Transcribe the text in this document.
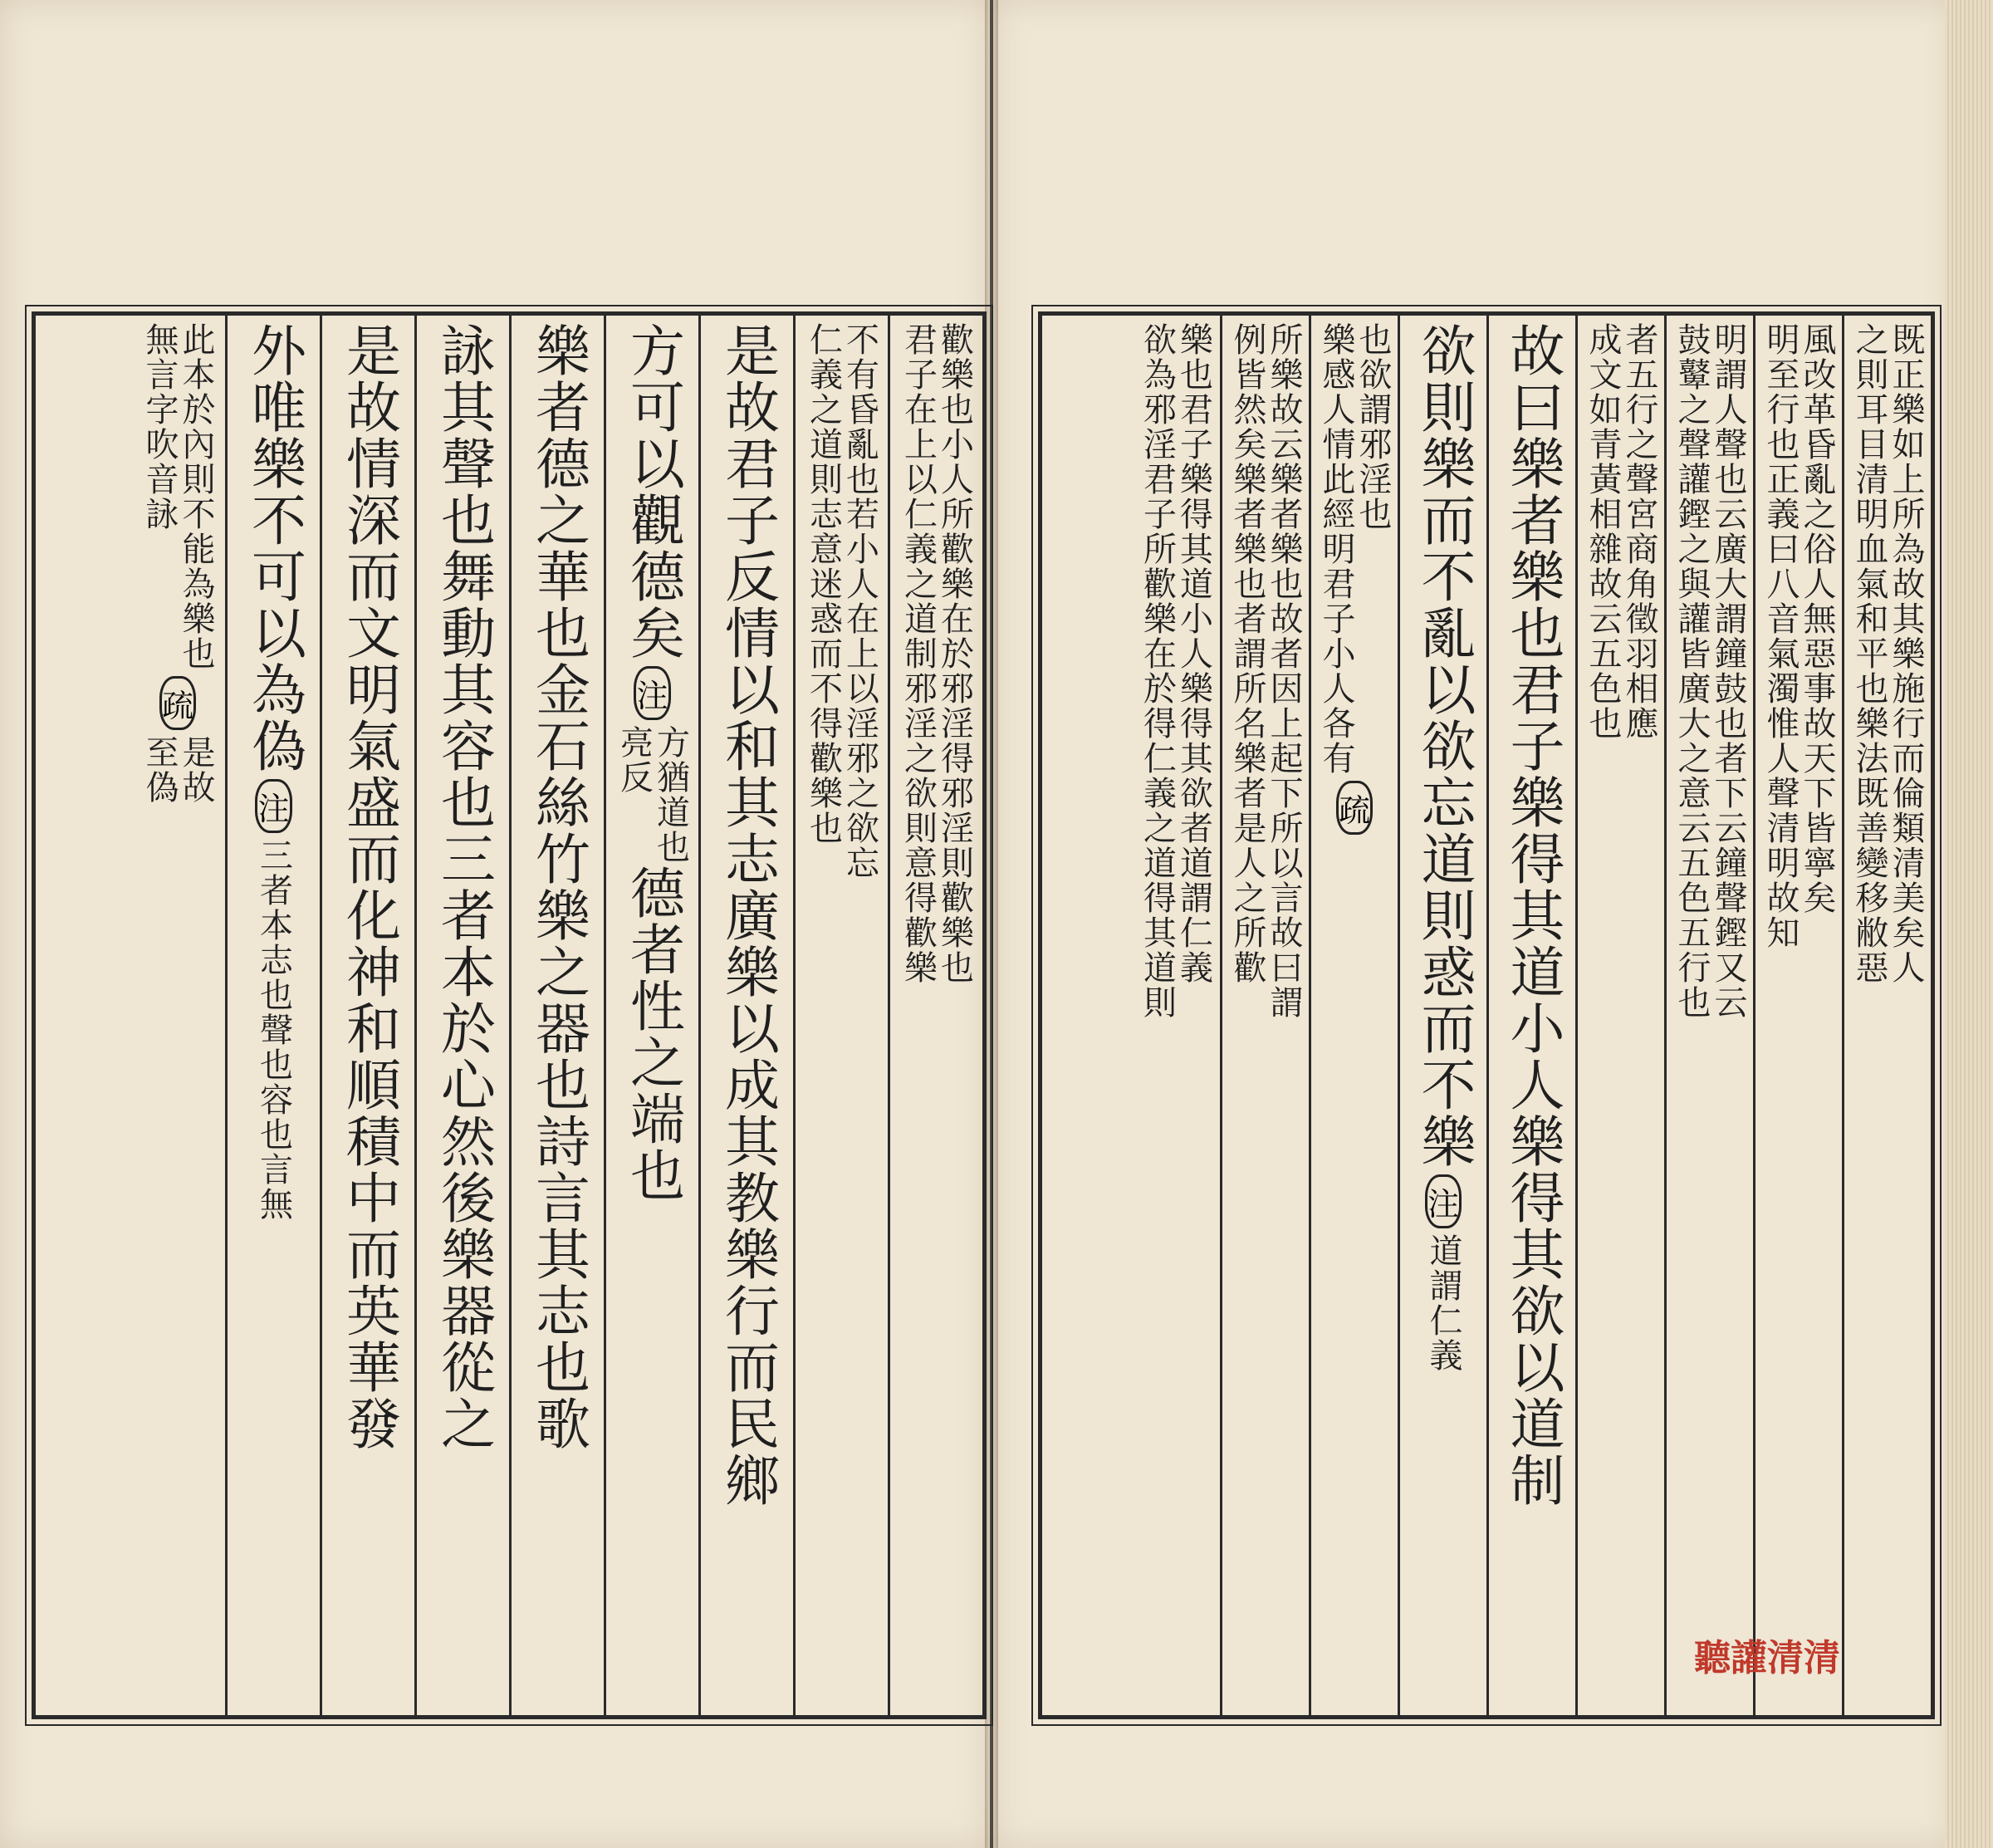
歡樂也小人所歡樂在於邪淫得邪淫則歡樂也
君子在上以仁義之道制邪淫之欲則意得歡樂
不有昏亂也若小人在上以淫邪之欲忘
仁義之道則志意迷惑而不得歡樂也
是故君子反情以和其志廣樂以成其教樂行而民鄉
方可以觀德矣
注
方猶道也
亮反
德者性之端也
樂者德之華也金石絲竹樂之器也詩言其志也歌
詠其聲也舞動其容也三者本於心然後樂器從之
是故情深而文明氣盛而化神和順積中而英華發
外唯樂不可以為偽
注
三者本志也聲也容也言無
此本於內則不能為樂也
無言字吹音詠
疏
是故
至偽	既正樂如上所為故其樂施行而倫類清美矣人
之則耳目清明血氣和平也樂法既善變移敝惡
風改革昏亂之俗人無惡事故天下皆寧矣
明至行也正義曰八音氣濁惟人聲清明故知
明謂人聲也云廣大謂鐘鼓也者下云鐘聲鏗又云
鼓鼙之聲讙鏗之與讙皆廣大之意云五色五行也
者五行之聲宮商角徵羽相應
成文如青黃相雜故云五色也
故曰樂者樂也君子樂得其道小人樂得其欲以道制
欲則樂而不亂以欲忘道則惑而不樂
注
道謂仁義
也欲謂邪淫也
樂感人情此經明君子小人各有
疏
所樂故云樂者樂也故者因上起下所以言故曰謂
例皆然矣樂者樂也者謂所名樂者是人之所歡
樂也君子樂得其道小人樂得其欲者道謂仁義
欲為邪淫君子所歡樂在於得仁義之道得其道則
聽讙清清
